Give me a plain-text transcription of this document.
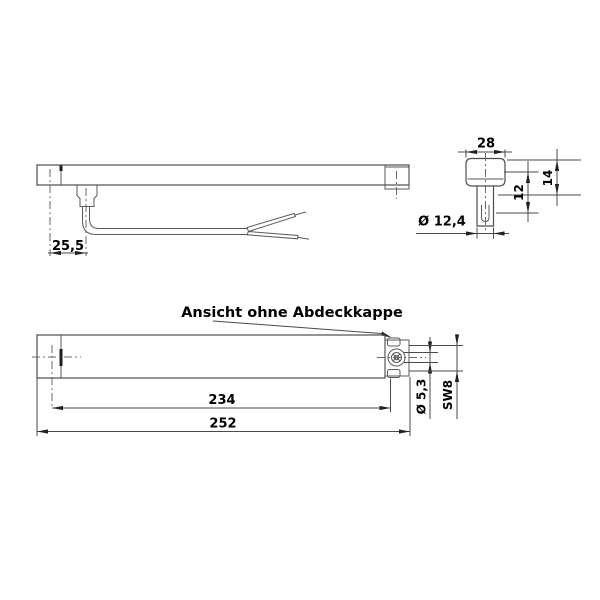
25,5
28
14
12
Ø 12,4
Ansicht ohne Abdeckkappe
Ø 5,3 SW8
234
252
